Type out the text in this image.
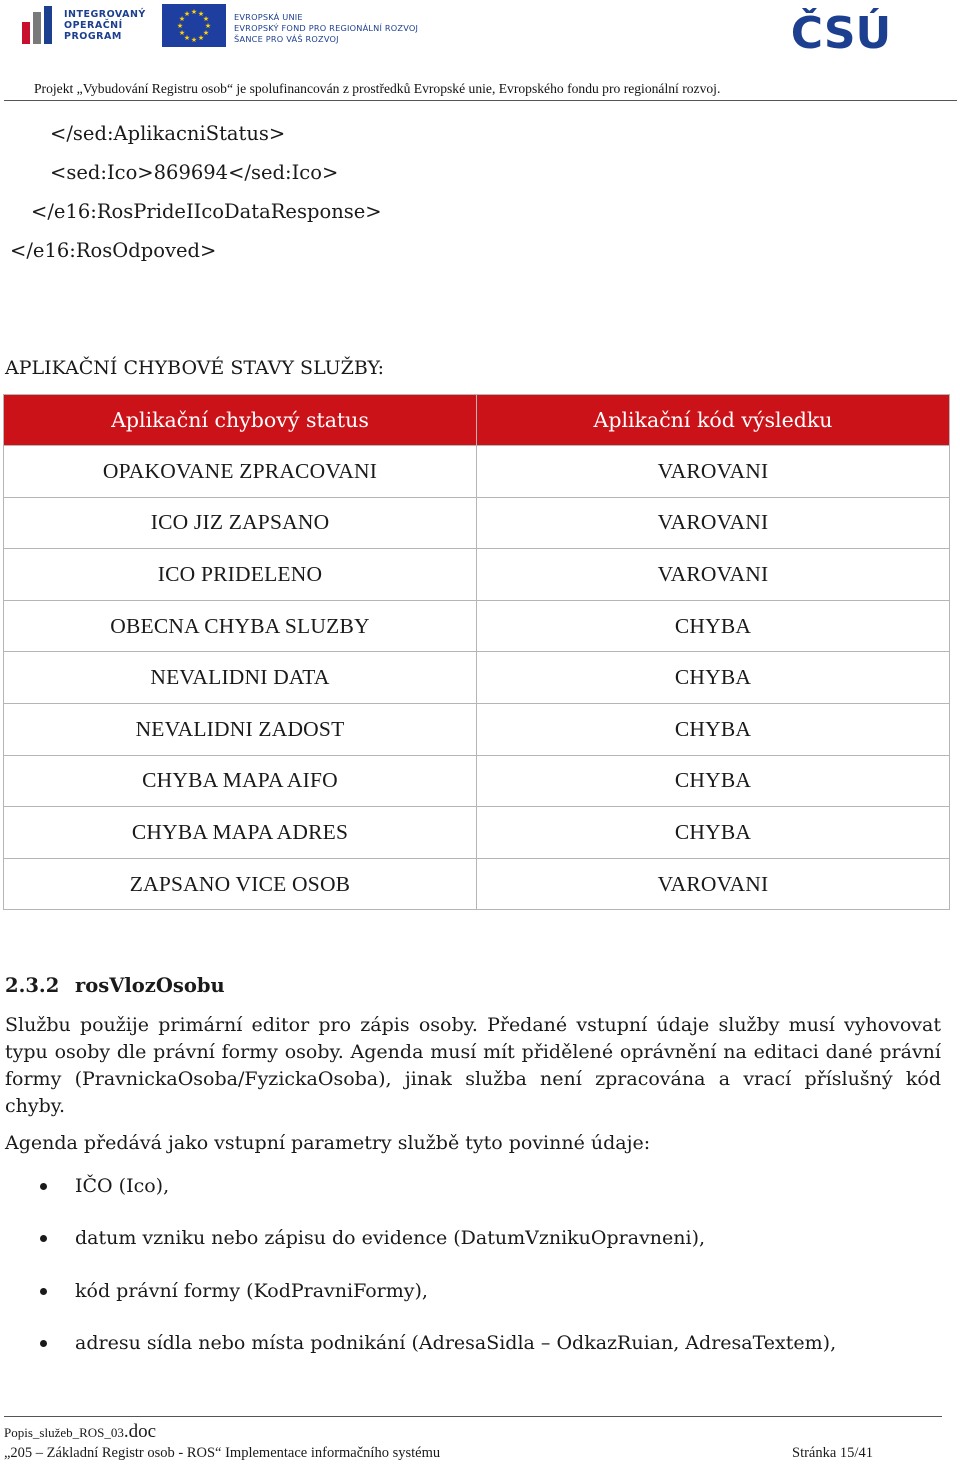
INTEGROVANÝ
OPERAČNÍ
PROGRAM
★ ★
★
★
★
★
★
★
★
★
★
★	EVROPSKÁ UNIE
EVROPSKÝ FOND PRO REGIONÁLNÍ ROZVOJ
ŠANCE PRO VÁŠ ROZVOJ	ČSÚ
Projekt „Vybudování Registru osob“ je spolufinancován z prostředků Evropské unie, Evropského fondu pro regionální rozvoj.
</sed:AplikacniStatus>
<sed:Ico>869694</sed:Ico>
</e16:RosPrideIIcoDataResponse>
</e16:RosOdpoved>
APLIKAČNÍ CHYBOVÉ STAVY SLUŽBY:
Aplikační chybový status	Aplikační kód výsledku
OPAKOVANE ZPRACOVANI	VAROVANI
ICO JIZ ZAPSANO	VAROVANI
ICO PRIDELENO	VAROVANI
OBECNA CHYBA SLUZBY	CHYBA
NEVALIDNI DATA	CHYBA
NEVALIDNI ZADOST	CHYBA
CHYBA MAPA AIFO	CHYBA
CHYBA MAPA ADRES	CHYBA
ZAPSANO VICE OSOB	VAROVANI
2.3.2 rosVlozOsobu
Službu použije primární editor pro zápis osoby. Předané vstupní údaje služby musí vyhovovat typu osoby dle právní formy osoby. Agenda musí mít přidělené oprávnění na editaci dané právní formy (PravnickaOsoba/FyzickaOsoba), jinak služba není zpracována a vrací příslušný kód chyby.
Agenda předává jako vstupní parametry službě tyto povinné údaje:
IČO (Ico),
datum vzniku nebo zápisu do evidence (DatumVznikuOpravneni),
kód právní formy (KodPravniFormy),
adresu sídla nebo místa podnikání (AdresaSidla – OdkazRuian, AdresaTextem),
Popis_služeb_ROS_03.doc
„205 – Základní Registr osob - ROS“ Implementace informačního systému	Stránka 15/41
